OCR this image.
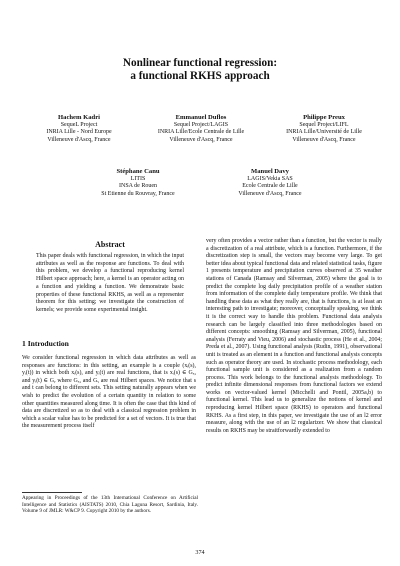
Nonlinear functional regression:
a functional RKHS approach
Hachem Kadri
SequeL Project
INRIA Lille - Nord Europe
Villeneuve d'Ascq, France
Emmanuel Duflos
Sequel Project/LAGIS
INRIA Lille/Ecole Centrale de Lille
Villeneuve d'Ascq, France
Philippe Preux
Sequel Project/LIFL
INRIA Lille/Université de Lille
Villeneuve d'Ascq, France
Stéphane Canu
LITIS
INSA de Rouen
St Etienne du Rouvray, France
Manuel Davy
LAGIS/Vekia SAS
Ecole Centrale de Lille
Villeneuve d'Ascq, France
Abstract

This paper deals with functional regression, in which the input attributes as well as the response are functions. To deal with this problem, we develop a functional reproducing kernel Hilbert space approach; here, a kernel is an operator acting on a function and yielding a function. We demonstrate basic properties of these functional RKHS, as well as a representer theorem for this setting; we investigate the construction of kernels; we provide some experimental insight.

1 Introduction

We consider functional regression in which data attributes as well as responses are functions: in this setting, an example is a couple (xᵢ(s), yᵢ(t)) in which both xᵢ(s), and yᵢ(t) are real functions, that is xᵢ(s) ∈ Gₓ, and yᵢ(t) ∈ Gᵧ where Gₓ, and Gᵧ are real Hilbert spaces. We notice that s and t can belong to different sets. This setting naturally appears when we wish to predict the evolution of a certain quantity in relation to some other quantities measured along time. It is often the case that this kind of data are discretized so as to deal with a classical regression problem in which a scalar value has to be predicted for a set of vectors. It is true that the measurement process itself

Appearing in Proceedings of the 13th International Conference on Artificial Intelligence and Statistics (AISTATS) 2010, Chia Laguna Resort, Sardinia, Italy. Volume 9 of JMLR: W&CP 9. Copyright 2010 by the authors.

very often provides a vector rather than a function, but the vector is really a discretization of a real attribute, which is a function. Furthermore, if the discretization step is small, the vectors may become very large. To get better idea about typical functional data and related statistical tasks, figure 1 presents temperature and precipitation curves observed at 35 weather stations of Canada (Ramsay and Silverman, 2005) where the goal is to predict the complete log daily precipitation profile of a weather station from information of the complete daily temperature profile. We think that handling these data as what they really are, that is functions, is at least an interesting path to investigate; moreover, conceptually speaking, we think it is the correct way to handle this problem. Functional data analysis research can be largely classified into three methodologies based on different concepts: smoothing (Ramsay and Silverman, 2005), functional analysis (Ferraty and Vieu, 2006) and stochastic process (He et al., 2004; Preda et al., 2007). Using functional analysis (Rudin, 1991), observational unit is treated as an element in a function and functional analysis concepts such as operator theory are used. In stochastic process methodology, each functional sample unit is considered as a realization from a random process. This work belongs to the functional analysis methodology. To predict infinite dimensional responses from functional factors we extend works on vector-valued kernel (Micchelli and Pontil, 2005a,b) to functional kernel. This lead us to generalize the notions of kernel and reproducing kernel Hilbert space (RKHS) to operators and functional RKHS. As a first step, in this paper, we investigate the use of an l2 error measure, along with the use of an l2 regularizer. We show that classical results on RKHS may be straitforwardly extended to

374
